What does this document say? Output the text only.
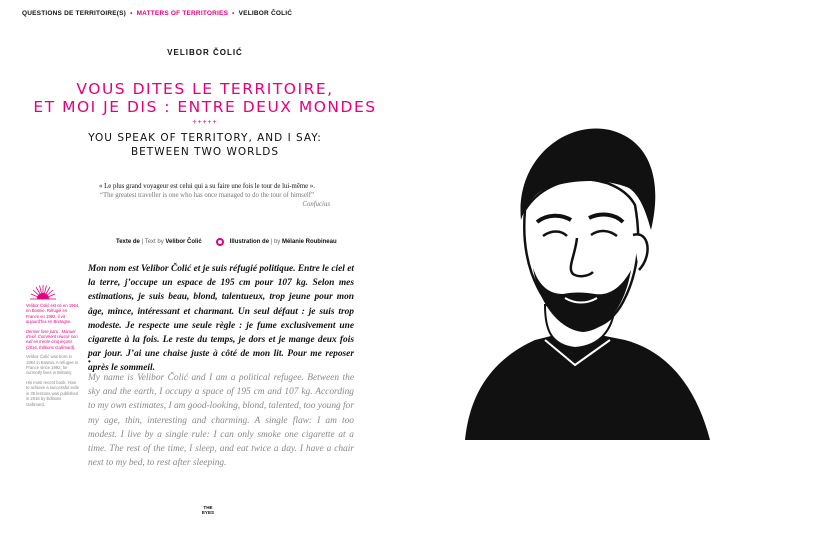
QUESTIONS DE TERRITOIRE(S) • MATTERS OF TERRITORIES • VELIBOR ČOLIĆ
VELIBOR ČOLIĆ
VOUS DITES LE TERRITOIRE,
ET MOI JE DIS : ENTRE DEUX MONDES
+++++
YOU SPEAK OF TERRITORY, AND I SAY:
BETWEEN TWO WORLDS
« Le plus grand voyageur est celui qui a su faire une fois le tour de lui-même ».
“The greatest traveller is one who has once managed to do the tour of himself”
Confucius
Texte de
| Text by
Velibor Čolić	Illustration de
| by
Mélanie Roubineau

Velibor Čolić est né en 1964, en Bosnie. Réfugié en France en 1992, il vit aujourd’hui en Bretagne.

Dernier livre paru : Manuel d’exil. Comment réussir son exil en trente-cinq leçons (2016, Éditions Gallimard).

Velibor Čolić was born in 1964 in Bosnia. A refugee in France since 1992, he currently lives in Brittany.

His most recent book, How to achieve a successful exile in 35 lessons was published in 2016 by Éditions Gallimard.

Mon nom est Velibor Čolić et je suis réfugié politique. Entre le ciel et la terre, j’occupe un espace de 195 cm pour 107 kg. Selon mes estimations, je suis beau, blond, talentueux, trop jeune pour mon âge, mince, intéressant et charmant. Un seul défaut : je suis trop modeste. Je respecte une seule règle : je fume exclusivement une cigarette à la fois. Le reste du temps, je dors et je mange deux fois par jour. J’ai une chaise juste à côté de mon lit. Pour me reposer après le sommeil.

•

My name is Velibor Čolić and I am a political refugee. Between the sky and the earth, I occupy a space of 195 cm and 107 kg. According to my own estimates, I am good-looking, blond, talented, too young for my age, thin, interesting and charming. A single flaw: I am too modest. I live by a single rule: I can only smoke one cigarette at a time. The rest of the time, I sleep, and eat twice a day. I have a chair next to my bed, to rest after sleeping.

THE
EYES
